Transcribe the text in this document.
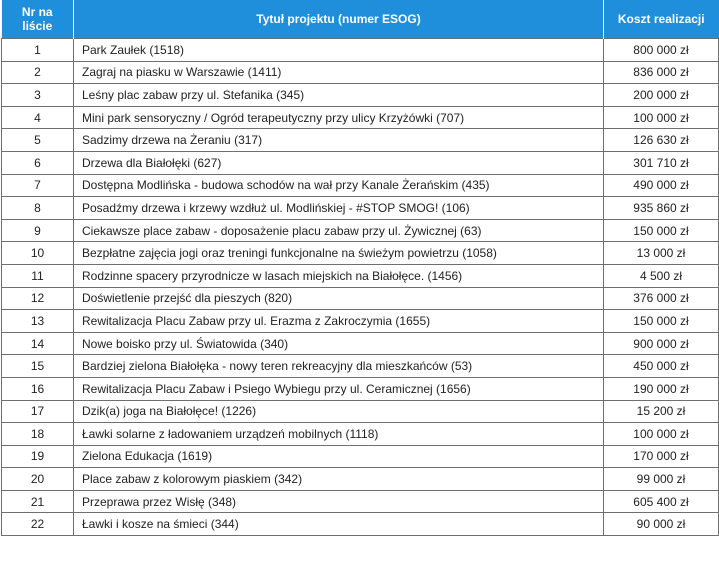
Nr na
liście	Tytuł projektu (numer ESOG)	Koszt realizacji
1	Park Zaułek (1518)	800 000 zł
2	Zagraj na piasku w Warszawie (1411)	836 000 zł
3	Leśny plac zabaw przy ul. Stefanika (345)	200 000 zł
4	Mini park sensoryczny / Ogród terapeutyczny przy ulicy Krzyżówki (707)	100 000 zł
5	Sadzimy drzewa na Żeraniu (317)	126 630 zł
6	Drzewa dla Białołęki (627)	301 710 zł
7	Dostępna Modlińska - budowa schodów na wał przy Kanale Żerańskim (435)	490 000 zł
8	Posadźmy drzewa i krzewy wzdłuż ul. Modlińskiej - #STOP SMOG! (106)	935 860 zł
9	Ciekawsze place zabaw - doposażenie placu zabaw przy ul. Żywicznej (63)	150 000 zł
10	Bezpłatne zajęcia jogi oraz treningi funkcjonalne na świeżym powietrzu (1058)	13 000 zł
11	Rodzinne spacery przyrodnicze w lasach miejskich na Białołęce. (1456)	4 500 zł
12	Doświetlenie przejść dla pieszych (820)	376 000 zł
13	Rewitalizacja Placu Zabaw przy ul. Erazma z Zakroczymia (1655)	150 000 zł
14	Nowe boisko przy ul. Światowida (340)	900 000 zł
15	Bardziej zielona Białołęka - nowy teren rekreacyjny dla mieszkańców (53)	450 000 zł
16	Rewitalizacja Placu Zabaw i Psiego Wybiegu przy ul. Ceramicznej (1656)	190 000 zł
17	Dzik(a) joga na Białołęce! (1226)	15 200 zł
18	Ławki solarne z ładowaniem urządzeń mobilnych (1118)	100 000 zł
19	Zielona Edukacja (1619)	170 000 zł
20	Place zabaw z kolorowym piaskiem (342)	99 000 zł
21	Przeprawa przez Wisłę (348)	605 400 zł
22	Ławki i kosze na śmieci (344)	90 000 zł
